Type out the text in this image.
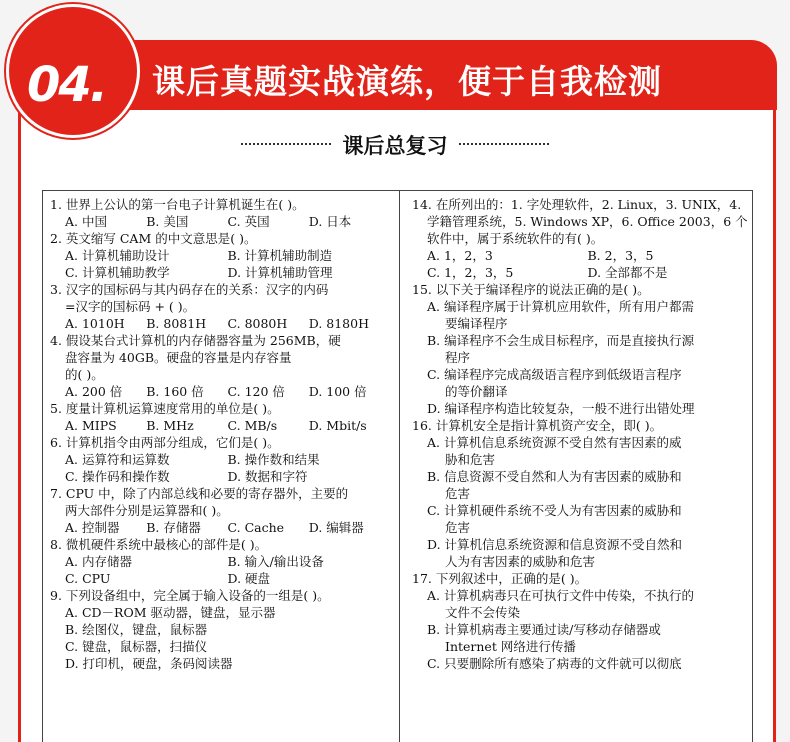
课后真题实战演练，便于自我检测
04.
课后总复习
1. 世界上公认的第一台电子计算机诞生在( )。
A. 中国	B. 美国	C. 英国	D. 日本
2. 英文缩写 CAM 的中文意思是( )。
A. 计算机辅助设计	B. 计算机辅助制造
C. 计算机辅助教学	D. 计算机辅助管理
3. 汉字的国标码与其内码存在的关系：汉字的内码
=汉字的国标码 + ( )。
A. 1010H	B. 8081H	C. 8080H	D. 8180H
4. 假设某台式计算机的内存储器容量为 256MB，硬
盘容量为 40GB。硬盘的容量是内存容量
的( )。
A. 200 倍	B. 160 倍	C. 120 倍	D. 100 倍
5. 度量计算机运算速度常用的单位是( )。
A. MIPS	B. MHz	C. MB/s	D. Mbit/s
6. 计算机指令由两部分组成，它们是( )。
A. 运算符和运算数	B. 操作数和结果
C. 操作码和操作数	D. 数据和字符
7. CPU 中，除了内部总线和必要的寄存器外，主要的
两大部件分别是运算器和( )。
A. 控制器	B. 存储器	C. Cache	D. 编辑器
8. 微机硬件系统中最核心的部件是( )。
A. 内存储器	B. 输入/输出设备
C. CPU	D. 硬盘
9. 下列设备组中，完全属于输入设备的一组是( )。
A. CD－ROM 驱动器，键盘，显示器
B. 绘图仪，键盘，鼠标器
C. 键盘，鼠标器，扫描仪
D. 打印机，硬盘，条码阅读器
14. 在所列出的：1. 字处理软件，2. Linux，3. UNIX，4.
学籍管理系统，5. Windows XP，6. Office 2003，6 个
软件中，属于系统软件的有( )。
A. 1，2，3	B. 2，3，5
C. 1，2，3，5	D. 全部都不是
15. 以下关于编译程序的说法正确的是( )。
A. 编译程序属于计算机应用软件，所有用户都需
要编译程序
B. 编译程序不会生成目标程序，而是直接执行源
程序
C. 编译程序完成高级语言程序到低级语言程序
的等价翻译
D. 编译程序构造比较复杂，一般不进行出错处理
16. 计算机安全是指计算机资产安全，即( )。
A. 计算机信息系统资源不受自然有害因素的威
胁和危害
B. 信息资源不受自然和人为有害因素的威胁和
危害
C. 计算机硬件系统不受人为有害因素的威胁和
危害
D. 计算机信息系统资源和信息资源不受自然和
人为有害因素的威胁和危害
17. 下列叙述中，正确的是( )。
A. 计算机病毒只在可执行文件中传染，不执行的
文件不会传染
B. 计算机病毒主要通过读/写移动存储器或
Internet 网络进行传播
C. 只要删除所有感染了病毒的文件就可以彻底
